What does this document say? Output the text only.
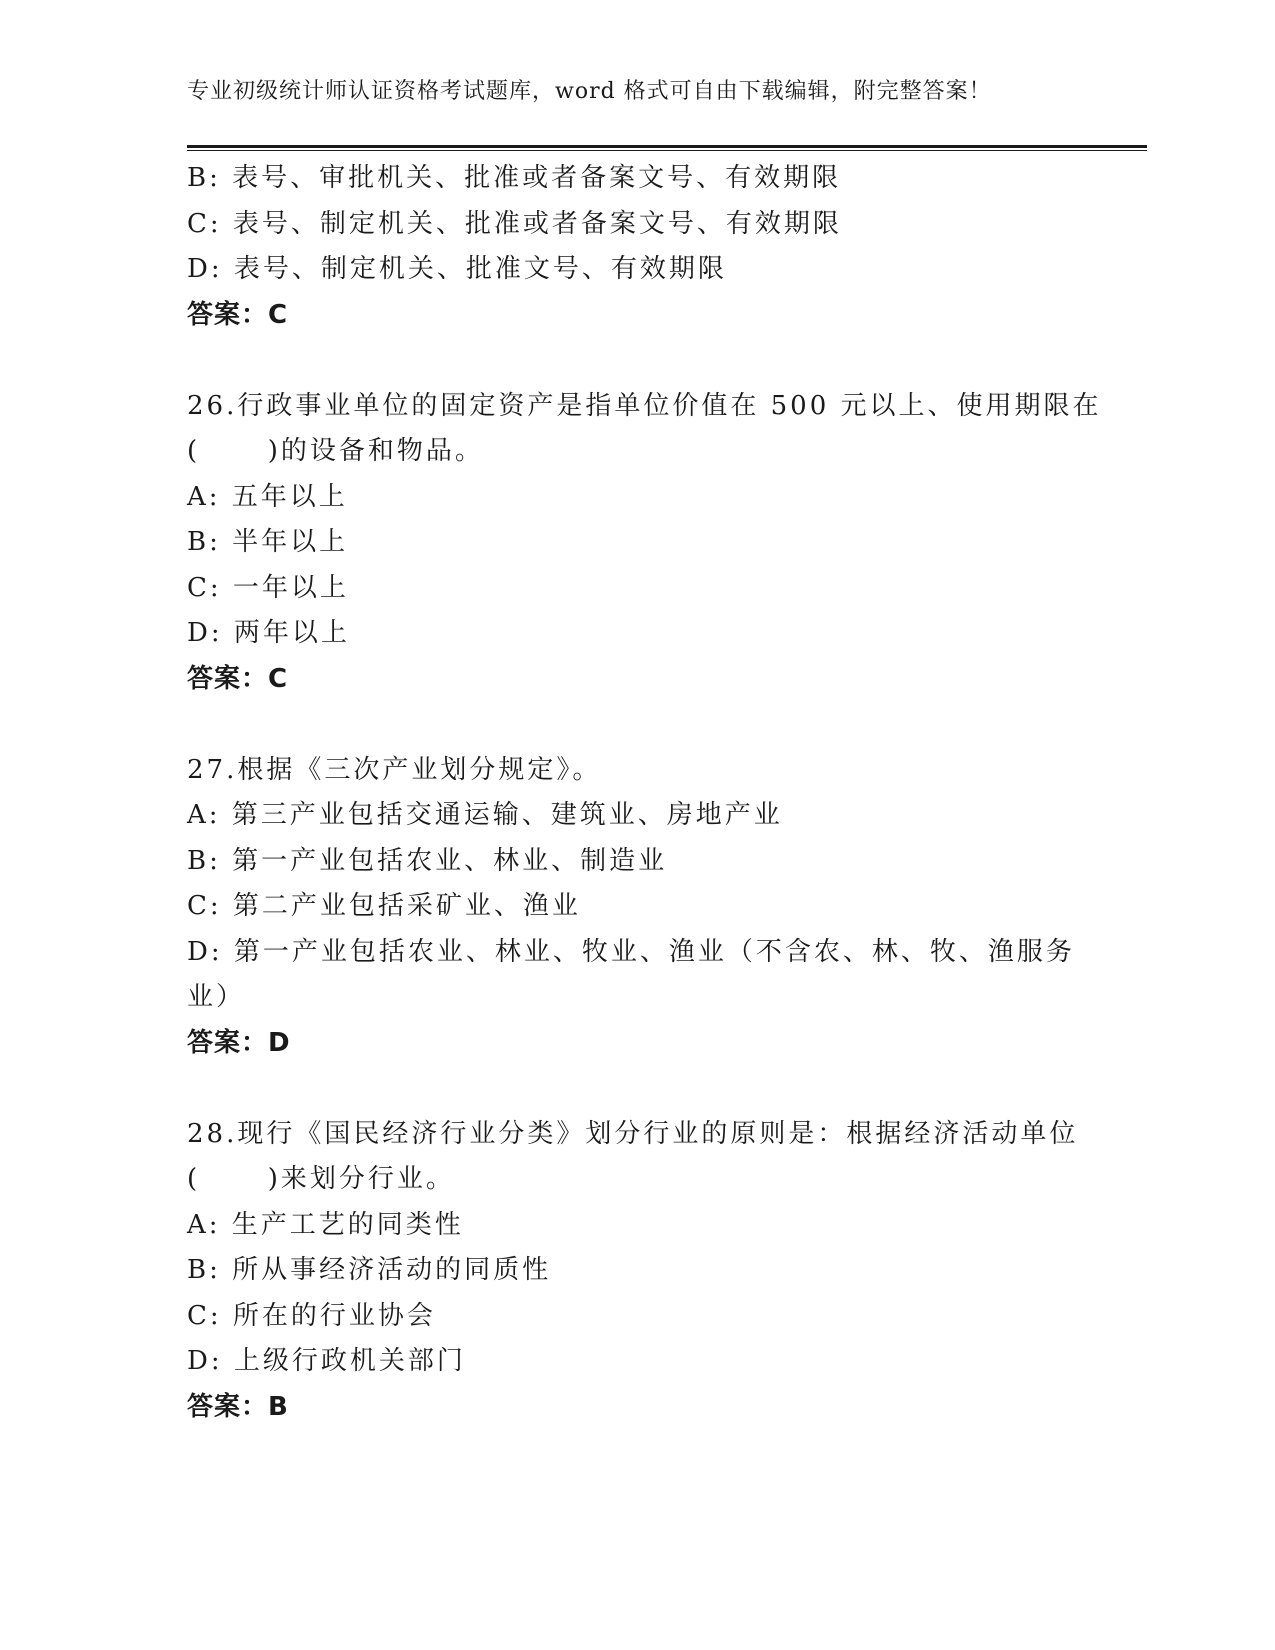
专业初级统计师认证资格考试题库，word 格式可自由下载编辑，附完整答案！
B: 表号、审批机关、批准或者备案文号、有效期限
C: 表号、制定机关、批准或者备案文号、有效期限
D: 表号、制定机关、批准文号、有效期限
答案：C
26.行政事业单位的固定资产是指单位价值在 500 元以上、使用期限在
(      )的设备和物品。
A: 五年以上
B: 半年以上
C: 一年以上
D: 两年以上
答案：C
27.根据《三次产业划分规定》。
A: 第三产业包括交通运输、建筑业、房地产业
B: 第一产业包括农业、林业、制造业
C: 第二产业包括采矿业、渔业
D: 第一产业包括农业、林业、牧业、渔业（不含农、林、牧、渔服务业）
答案：D
28.现行《国民经济行业分类》划分行业的原则是：根据经济活动单位
(      )来划分行业。
A: 生产工艺的同类性
B: 所从事经济活动的同质性
C: 所在的行业协会
D: 上级行政机关部门
答案：B
